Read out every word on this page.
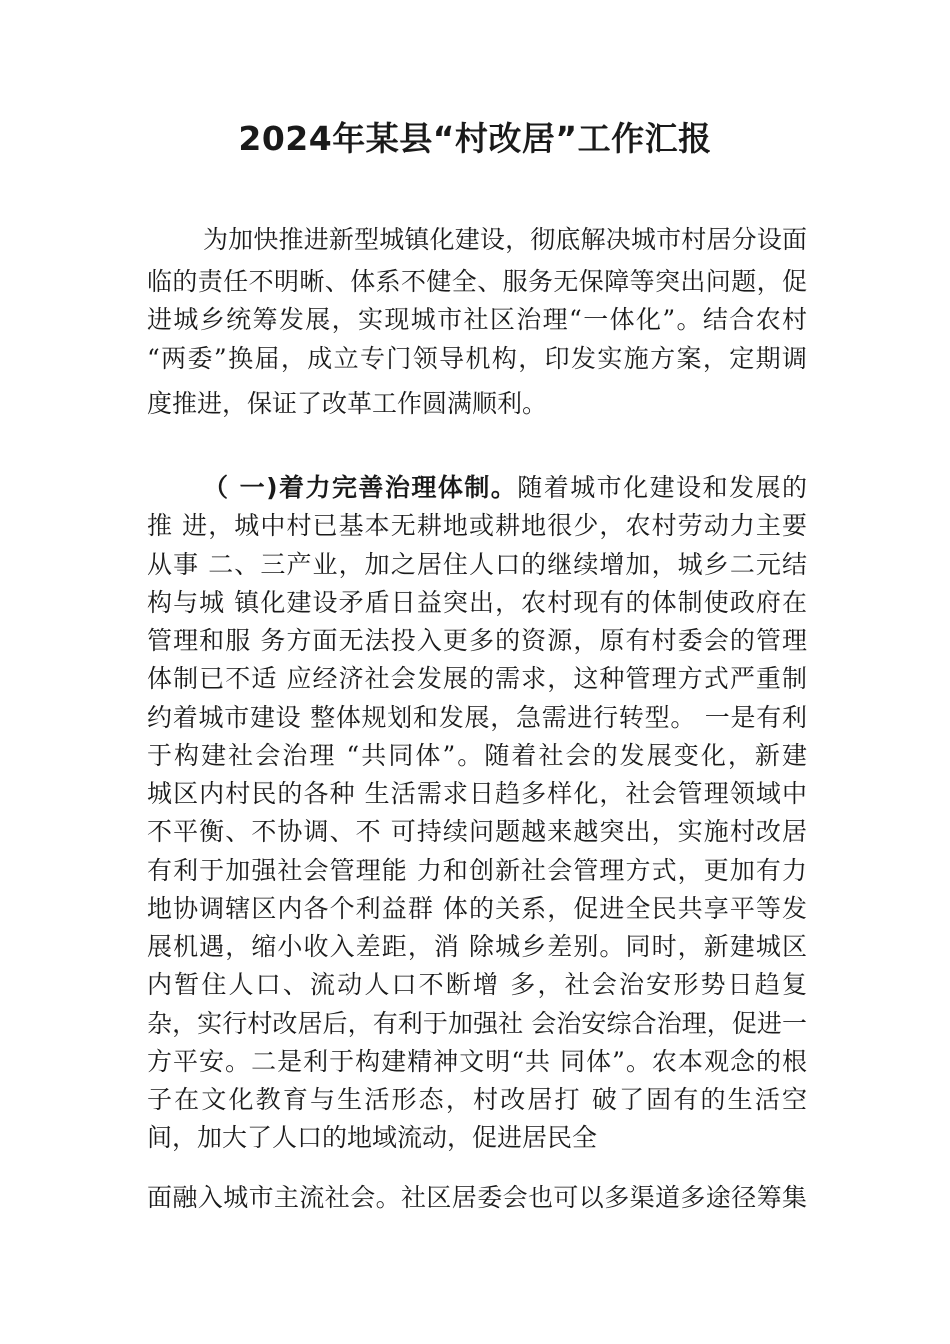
2024年某县“村改居”工作汇报
为加快推进新型城镇化建设，彻底解决城市村居分设面
临的责任不明晰、体系不健全、服务无保障等突出问题，促
进城乡统筹发展，实现城市社区治理“一体化”。结合农村
“两委”换届，成立专门领导机构，印发实施方案，定期调
度推进，保证了改革工作圆满顺利。
（ 一)着力完善治理体制。随着城市化建设和发展的
推 进，城中村已基本无耕地或耕地很少，农村劳动力主要
从事 二、三产业，加之居住人口的继续增加，城乡二元结
构与城 镇化建设矛盾日益突出，农村现有的体制使政府在
管理和服 务方面无法投入更多的资源，原有村委会的管理
体制已不适 应经济社会发展的需求，这种管理方式严重制
约着城市建设 整体规划和发展，急需进行转型。 一是有利
于构建社会治理 “共同体”。随着社会的发展变化，新建
城区内村民的各种 生活需求日趋多样化，社会管理领域中
不平衡、不协调、不 可持续问题越来越突出，实施村改居
有利于加强社会管理能 力和创新社会管理方式，更加有力
地协调辖区内各个利益群 体的关系，促进全民共享平等发
展机遇，缩小收入差距，消 除城乡差别。同时，新建城区
内暂住人口、流动人口不断增 多，社会治安形势日趋复
杂，实行村改居后，有利于加强社 会治安综合治理，促进一
方平安。二是利于构建精神文明“共 同体”。农本观念的根
子在文化教育与生活形态，村改居打 破了固有的生活空
间，加大了人口的地域流动，促进居民全
面融入城市主流社会。社区居委会也可以多渠道多途径筹集
